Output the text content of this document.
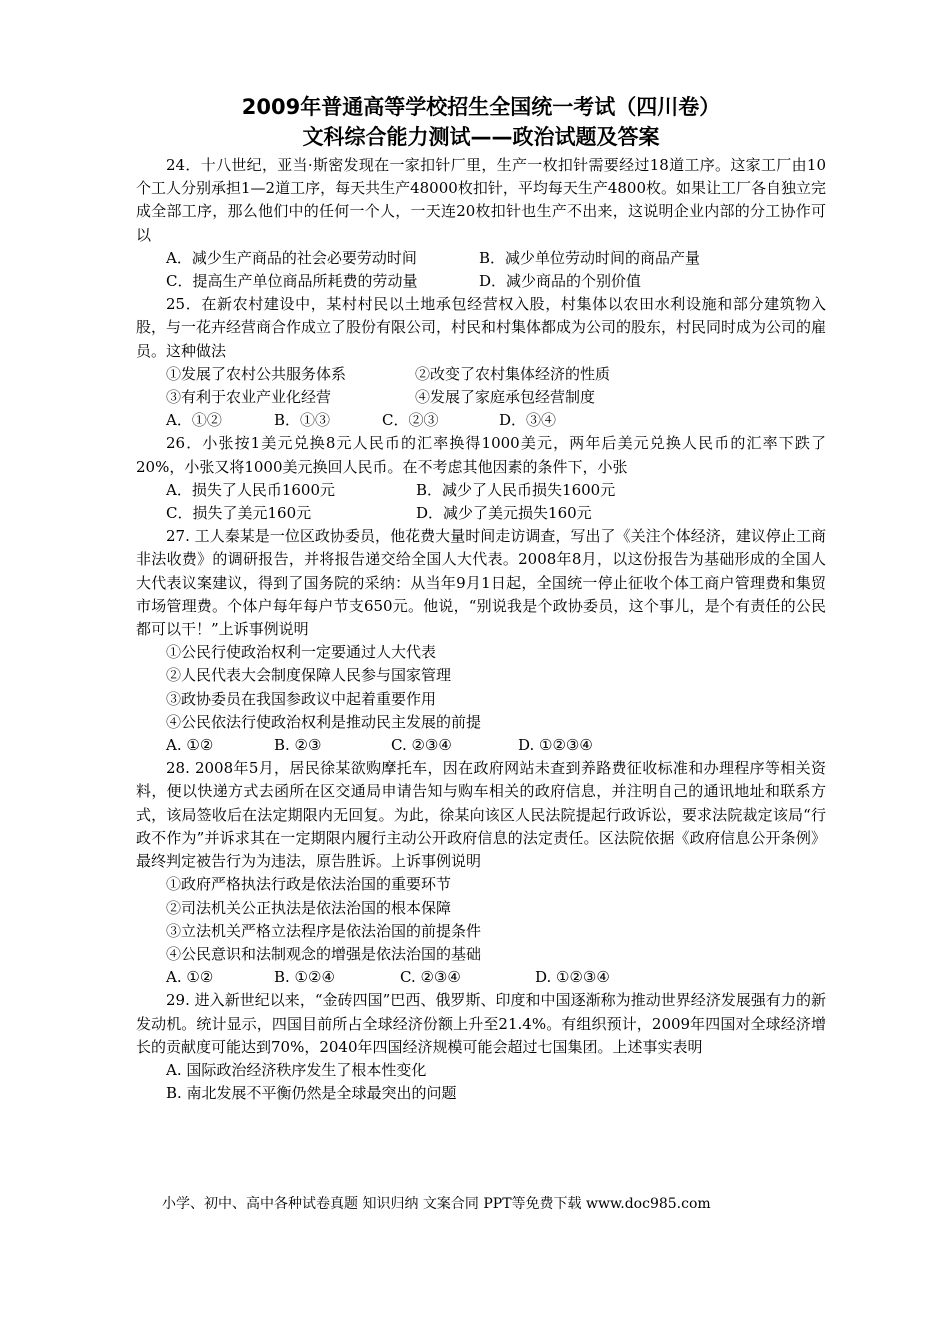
2009年普通高等学校招生全国统一考试（四川卷）

文科综合能力测试——政治试题及答案

24．十八世纪，亚当·斯密发现在一家扣针厂里，生产一枚扣针需要经过18道工序。这家工厂由10个工人分别承担1—2道工序，每天共生产48000枚扣针，平均每天生产4800枚。如果让工厂各自独立完成全部工序，那么他们中的任何一个人，一天连20枚扣针也生产不出来，这说明企业内部的分工协作可以

A．减少生产商品的社会必要劳动时间	B．减少单位劳动时间的商品产量
C．提高生产单位商品所耗费的劳动量	D．减少商品的个别价值

25．在新农村建设中，某村村民以土地承包经营权入股，村集体以农田水利设施和部分建筑物入股，与一花卉经营商合作成立了股份有限公司，村民和村集体都成为公司的股东，村民同时成为公司的雇员。这种做法

①发展了农村公共服务体系	②改变了农村集体经济的性质
③有利于农业产业化经营	④发展了家庭承包经营制度
A．①②	B．①③	C．②③	D．③④

26．小张按1美元兑换8元人民币的汇率换得1000美元，两年后美元兑换人民币的汇率下跌了20%，小张又将1000美元换回人民币。在不考虑其他因素的条件下，小张

A．损失了人民币1600元	B．减少了人民币损失1600元
C．损失了美元160元	D．减少了美元损失160元

27. 工人秦某是一位区政协委员，他花费大量时间走访调查，写出了《关注个体经济，建议停止工商非法收费》的调研报告，并将报告递交给全国人大代表。2008年8月，以这份报告为基础形成的全国人大代表议案建议，得到了国务院的采纳：从当年9月1日起，全国统一停止征收个体工商户管理费和集贸市场管理费。个体户每年每户节支650元。他说，“别说我是个政协委员，这个事儿，是个有责任的公民都可以干！”上诉事例说明

①公民行使政治权利一定要通过人大代表

②人民代表大会制度保障人民参与国家管理

③政协委员在我国参政议中起着重要作用

④公民依法行使政治权利是推动民主发展的前提

A. ①②	B. ②③	C. ②③④	D. ①②③④

28. 2008年5月，居民徐某欲购摩托车，因在政府网站未查到养路费征收标准和办理程序等相关资料，便以快递方式去函所在区交通局申请告知与购车相关的政府信息，并注明自己的通讯地址和联系方式，该局签收后在法定期限内无回复。为此，徐某向该区人民法院提起行政诉讼，要求法院裁定该局“行政不作为”并诉求其在一定期限内履行主动公开政府信息的法定责任。区法院依据《政府信息公开条例》最终判定被告行为为违法，原告胜诉。上诉事例说明

①政府严格执法行政是依法治国的重要环节

②司法机关公正执法是依法治国的根本保障

③立法机关严格立法程序是依法治国的前提条件

④公民意识和法制观念的增强是依法治国的基础

A. ①②	B. ①②④	C. ②③④	D. ①②③④

29. 进入新世纪以来，“金砖四国”巴西、俄罗斯、印度和中国逐渐称为推动世界经济发展强有力的新发动机。统计显示，四国目前所占全球经济份额上升至21.4%。有组织预计，2009年四国对全球经济增长的贡献度可能达到70%，2040年四国经济规模可能会超过七国集团。上述事实表明

A. 国际政治经济秩序发生了根本性变化

B. 南北发展不平衡仍然是全球最突出的问题

小学、初中、高中各种试卷真题 知识归纳 文案合同 PPT等免费下载 www.doc985.com
